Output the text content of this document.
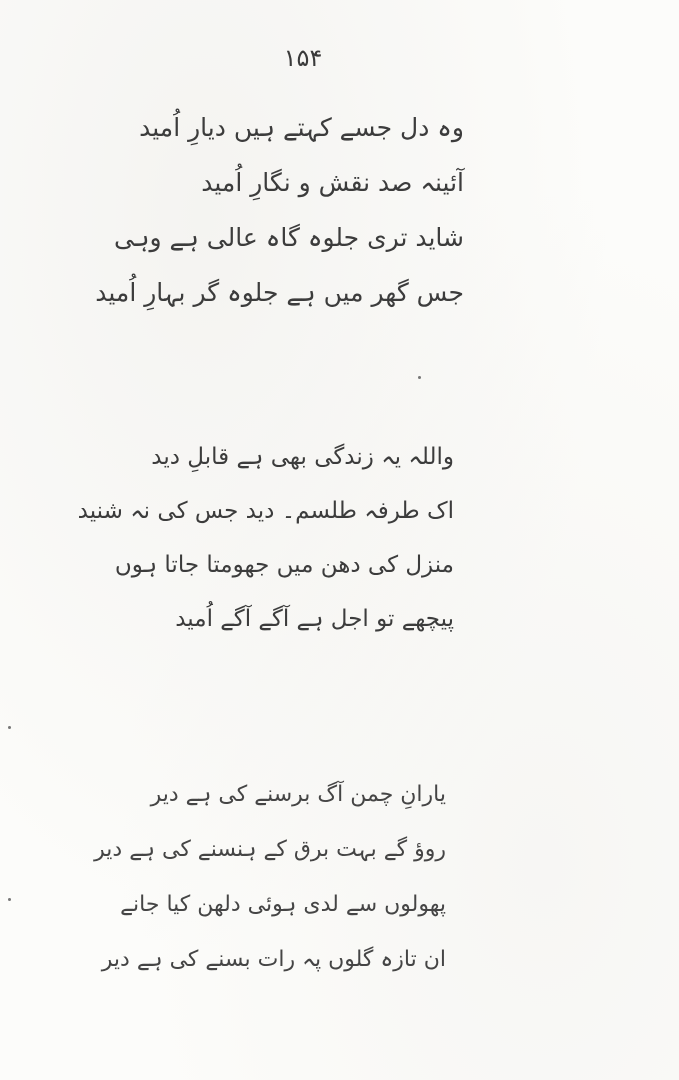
۱۵۴
وہ دل جسے کہتے ہیں دیارِ اُمید
آئینہ صد نقش و نگارِ اُمید
شاید تری جلوہ گاہ عالی ہے وہی
جس گھر میں ہے جلوہ گر بہارِ اُمید
واللہ یہ زندگی بھی ہے قابلِ دید
اک طرفہ طلسم۔ دید جس کی نہ شنید
منزل کی دھن میں جھومتا جاتا ہوں
پیچھے تو اجل ہے آگے آگے اُمید
یارانِ چمن آگ برسنے کی ہے دیر
روؤ گے بہت برق کے ہنسنے کی ہے دیر
پھولوں سے لدی ہوئی دلھن کیا جانے
ان تازہ گلوں پہ رات بسنے کی ہے دیر
